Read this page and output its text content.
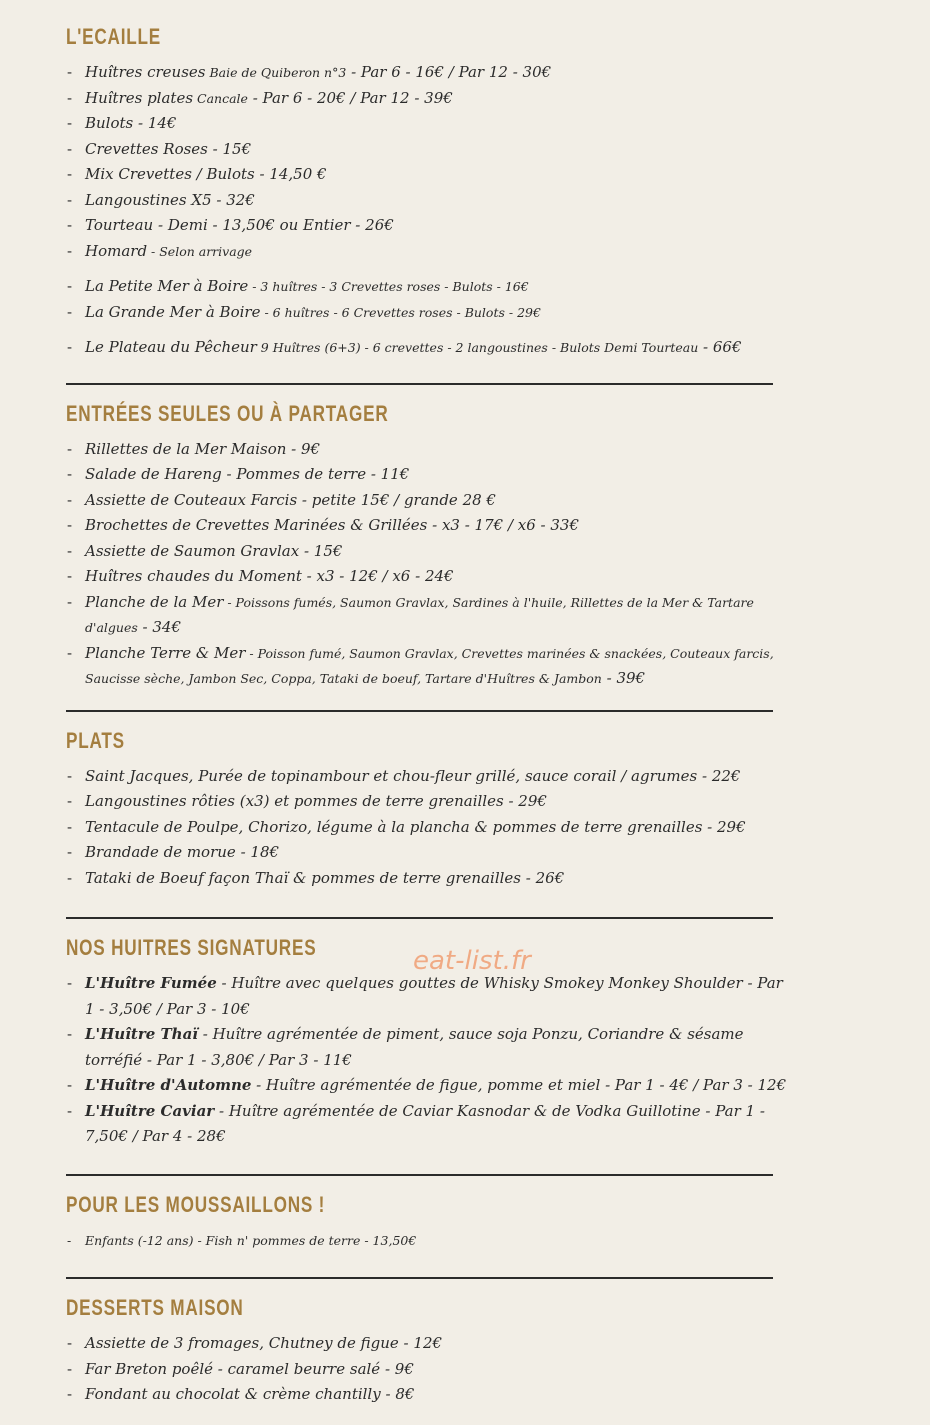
L'ECAILLE
- Huîtres creuses Baie de Quiberon n°3 - Par 6 - 16€ / Par 12 - 30€
- Huîtres plates Cancale - Par 6 - 20€ / Par 12 - 39€
- Bulots - 14€
- Crevettes Roses - 15€
- Mix Crevettes / Bulots - 14,50 €
- Langoustines X5 - 32€
- Tourteau - Demi - 13,50€ ou Entier - 26€
- Homard - Selon arrivage
- La Petite Mer à Boire - 3 huîtres - 3 Crevettes roses - Bulots - 16€
- La Grande Mer à Boire - 6 huîtres - 6 Crevettes roses - Bulots - 29€
- Le Plateau du Pêcheur 9 Huîtres (6+3) - 6 crevettes - 2 langoustines - Bulots Demi Tourteau - 66€
ENTRÉES SEULES OU À PARTAGER
- Rillettes de la Mer Maison - 9€
- Salade de Hareng - Pommes de terre - 11€
- Assiette de Couteaux Farcis - petite 15€ / grande 28 €
- Brochettes de Crevettes Marinées & Grillées - x3 - 17€ / x6 - 33€
- Assiette de Saumon Gravlax - 15€
- Huîtres chaudes du Moment - x3 - 12€ / x6 - 24€
- Planche de la Mer - Poissons fumés, Saumon Gravlax, Sardines à l'huile, Rillettes de la Mer & Tartare d'algues - 34€
- Planche Terre & Mer - Poisson fumé, Saumon Gravlax, Crevettes marinées & snackées, Couteaux farcis, Saucisse sèche, Jambon Sec, Coppa, Tataki de boeuf, Tartare d'Huîtres & Jambon - 39€
PLATS
- Saint Jacques, Purée de topinambour et chou-fleur grillé, sauce corail / agrumes - 22€
- Langoustines rôties (x3) et pommes de terre grenailles - 29€
- Tentacule de Poulpe, Chorizo, légume à la plancha & pommes de terre grenailles - 29€
- Brandade de morue - 18€
- Tataki de Boeuf façon Thaï & pommes de terre grenailles - 26€
NOS HUITRES SIGNATURES
- L'Huître Fumée - Huître avec quelques gouttes de Whisky Smokey Monkey Shoulder - Par 1 - 3,50€ / Par 3 - 10€
- L'Huître Thaï - Huître agrémentée de piment, sauce soja Ponzu, Coriandre & sésame torréfié - Par 1 - 3,80€ / Par 3 - 11€
- L'Huître d'Automne - Huître agrémentée de figue, pomme et miel - Par 1 - 4€ / Par 3 - 12€
- L'Huître Caviar - Huître agrémentée de Caviar Kasnodar & de Vodka Guillotine - Par 1 - 7,50€ / Par 4 - 28€
POUR LES MOUSSAILLONS !
- Enfants (-12 ans) - Fish n' pommes de terre - 13,50€
DESSERTS MAISON
- Assiette de 3 fromages, Chutney de figue - 12€
- Far Breton poêlé - caramel beurre salé - 9€
- Fondant au chocolat & crème chantilly - 8€
eat-list.fr
